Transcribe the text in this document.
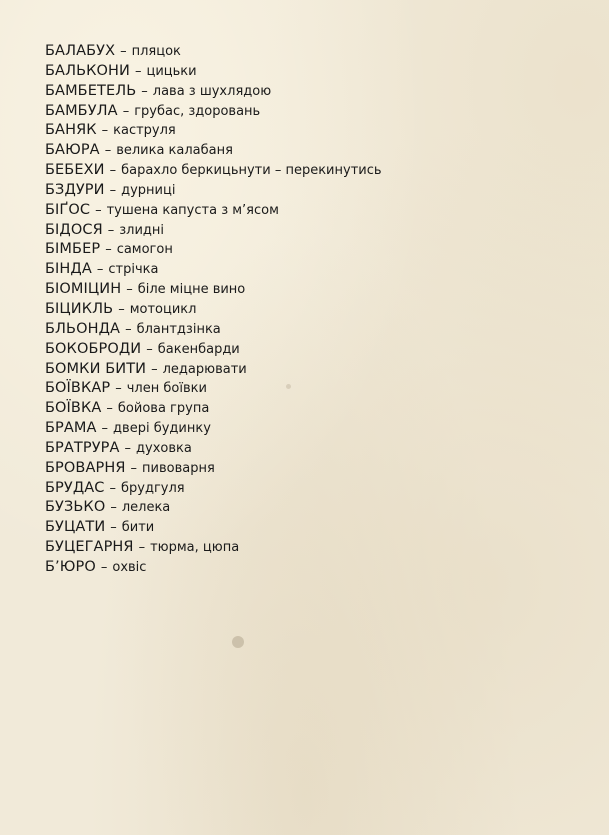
БАЛАБУХ – пляцок
БАЛЬКОНИ – цицьки
БАМБЕТЕЛЬ – лава з шухлядою
БАМБУЛА – грубас, здоровань
БАНЯК – каструля
БАЮРА – велика калабаня
БЕБЕХИ – барахло беркицьнути – перекинутись
БЗДУРИ – дурниці
БІҐОС – тушена капуста з м’ясом
БІДОСЯ – злидні
БІМБЕР – самогон
БІНДА – стрічка
БІОМІЦИН – біле міцне вино
БІЦИКЛЬ – мотоцикл
БЛЬОНДА – блантдзінка
БОКОБРОДИ – бакенбарди
БОМКИ БИТИ – ледарювати
БОЇВКАР – член боївки
БОЇВКА – бойова група
БРАМА – двері будинку
БРАТРУРА – духовка
БРОВАРНЯ – пивоварня
БРУДАС – брудгуля
БУЗЬКО – лелека
БУЦАТИ – бити
БУЦЕГАРНЯ – тюрма, цюпа
Б’ЮРО – охвіс
